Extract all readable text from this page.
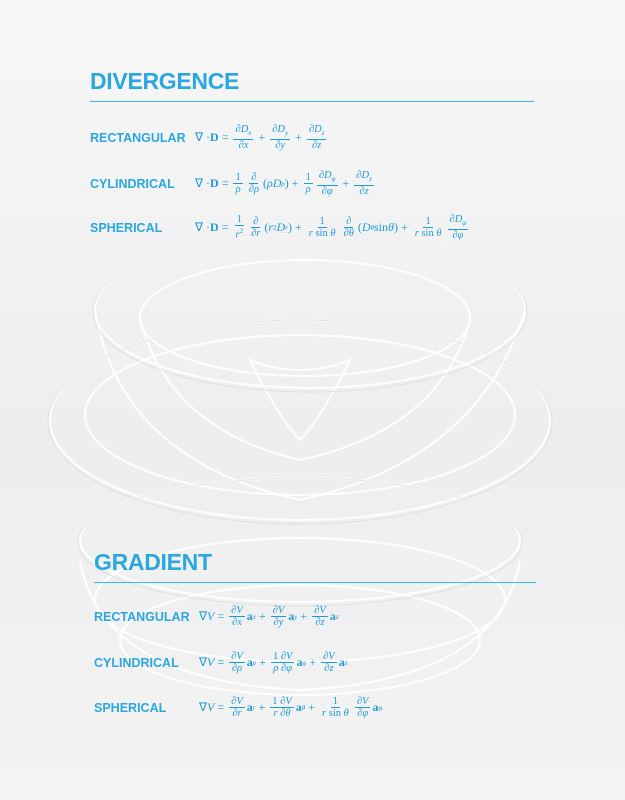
DIVERGENCE
RECTANGULAR ∇ · $D = \frac{\partial D_x}{\partial x} + \frac{\partial D_y}{\partial y} + \frac{\partial D_z}{\partial z}$
CYLINDRICAL	∇ · $D = \frac{1}{\rho} \frac{\partial}{\partial\rho}$ ( ρD ρ ) + $\frac{1}{\rho} \frac{\partial D_\varphi}{\partial\varphi} + \frac{\partial D_z}{\partial z}$
SPHERICAL	∇ · $D = \frac{1}{r^2} \frac{\partial}{\partial r}$ ( r 2 D r ) + $\frac{1}{\text{r sin θ}} \frac{\partial}{\partial\theta}$ ( D θ sin θ ) + $\frac{1}{\text{r sin θ}} \frac{\partial D_\varphi}{\partial\varphi}$
GRADIENT
RECTANGULAR ∇ $V = \frac{\partial V}{\partial x}$ a $x + \frac{\partial V}{\partial y}$ a $y + \frac{\partial V}{\partial z}$ a z
CYLINDRICAL	∇ $V = \frac{\partial V}{\partial\rho}$ a $\rho + \frac{1 \partial V}{\rho \partial\varphi}$ a $\varphi + \frac{\partial V}{\partial z}$ a z
SPHERICAL	∇ $V = \frac{\partial V}{\partial r}$ a $r + \frac{1 \partial V}{r \partial\theta}$ a $\theta + \frac{1}{\text{r sin θ}} \frac{\partial V}{\partial\varphi}$ a φ
